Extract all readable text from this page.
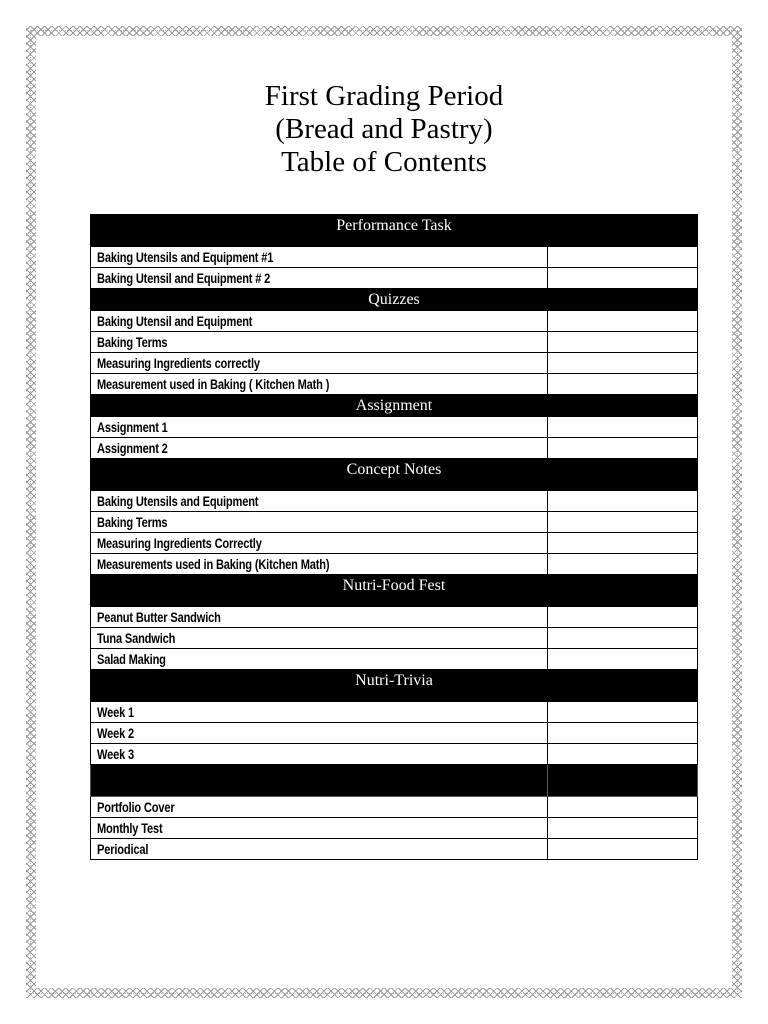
First Grading Period
(Bread and Pastry)
Table of Contents
Performance Task	
Baking Utensils and Equipment #1	
Baking Utensil and Equipment # 2	
Quizzes	
Baking Utensil and Equipment	
Baking Terms	
Measuring Ingredients correctly	
Measurement used in Baking ( Kitchen Math )	
Assignment	
Assignment 1	
Assignment 2	
Concept Notes	
Baking Utensils and Equipment	
Baking Terms	
Measuring Ingredients Correctly	
Measurements used in Baking (Kitchen Math)	
Nutri-Food Fest	
Peanut Butter Sandwich	
Tuna Sandwich	
Salad Making	
Nutri-Trivia	
Week 1	
Week 2	
Week 3	

Portfolio Cover	
Monthly Test	
Periodical	
